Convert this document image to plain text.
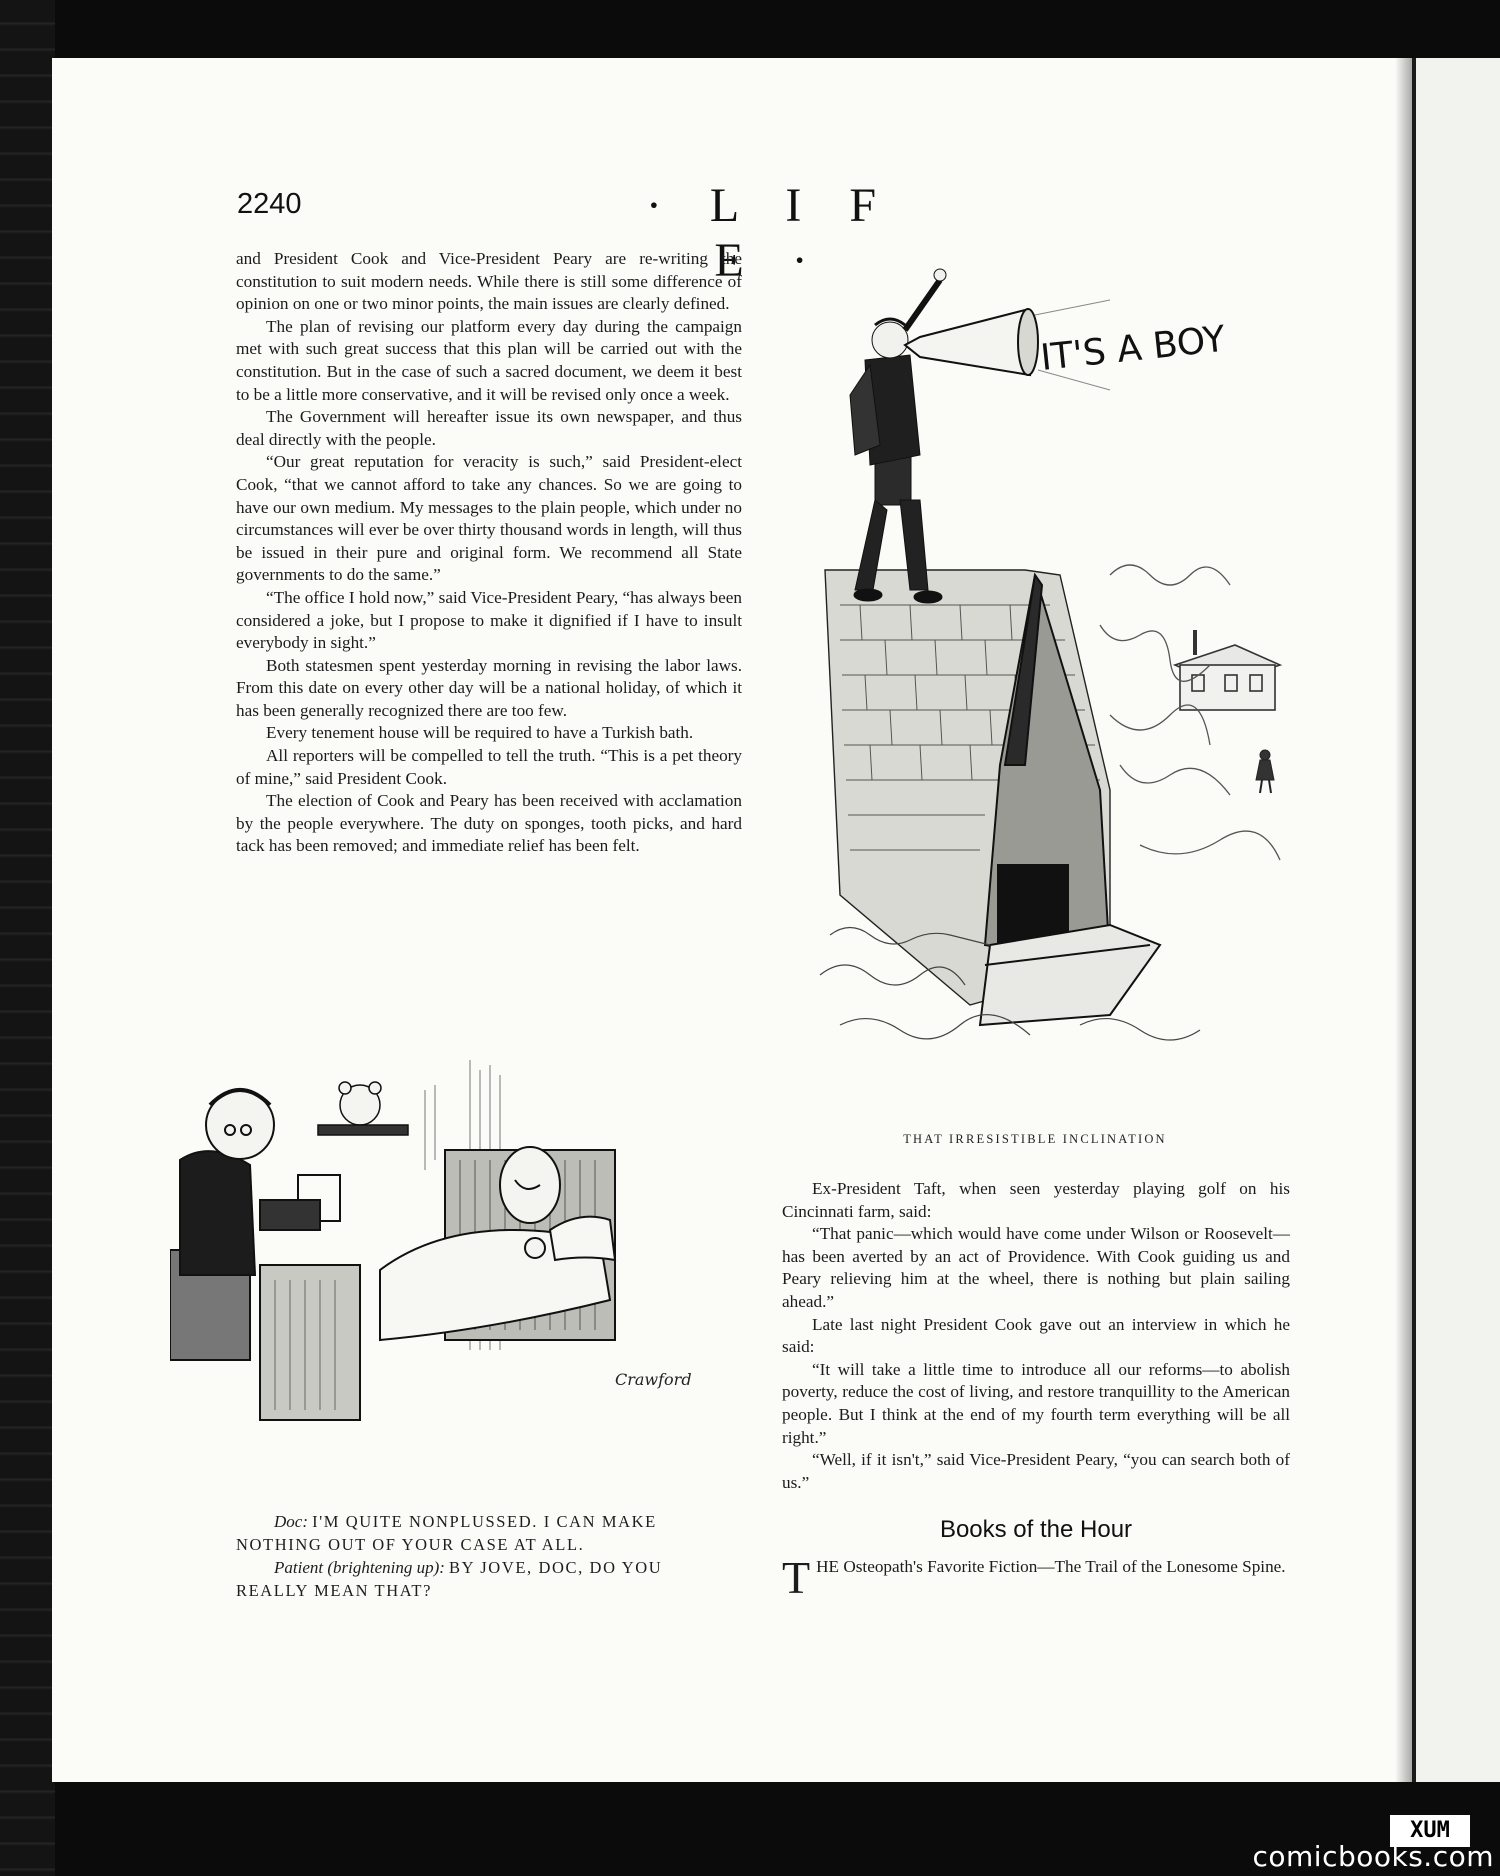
2240	· L I F E ·

and President Cook and Vice-President Peary are re-writing the constitution to suit modern needs. While there is still some difference of opinion on one or two minor points, the main issues are clearly defined.

The plan of revising our platform every day during the campaign met with such great success that this plan will be carried out with the constitution. But in the case of such a sacred document, we deem it best to be a little more conservative, and it will be revised only once a week.

The Government will hereafter issue its own newspaper, and thus deal directly with the people.

“Our great reputation for veracity is such,” said President-elect Cook, “that we cannot afford to take any chances. So we are going to have our own medium. My messages to the plain people, which under no circumstances will ever be over thirty thousand words in length, will thus be issued in their pure and original form. We recommend all State governments to do the same.”

“The office I hold now,” said Vice-President Peary, “has always been considered a joke, but I propose to make it dignified if I have to insult everybody in sight.”

Both statesmen spent yesterday morning in revising the labor laws. From this date on every other day will be a national holiday, of which it has been generally recognized there are too few.

Every tenement house will be required to have a Turkish bath.

All reporters will be compelled to tell the truth. “This is a pet theory of mine,” said President Cook.

The election of Cook and Peary has been received with acclamation by the people everywhere. The duty on sponges, tooth picks, and hard tack has been removed; and immediate relief has been felt.

IT'S A BOY
THAT IRRESISTIBLE INCLINATION
Crawford

Doc: I'M QUITE NONPLUSSED. I CAN MAKE NOTHING OUT OF YOUR CASE AT ALL.

Patient (brightening up): BY JOVE, DOC, DO YOU REALLY MEAN THAT?

Ex-President Taft, when seen yesterday playing golf on his Cincinnati farm, said:

“That panic—which would have come under Wilson or Roosevelt—has been averted by an act of Providence. With Cook guiding us and Peary relieving him at the wheel, there is nothing but plain sailing ahead.”

Late last night President Cook gave out an interview in which he said:

“It will take a little time to introduce all our reforms—to abolish poverty, reduce the cost of living, and restore tranquillity to the American people. But I think at the end of my fourth term everything will be all right.”

“Well, if it isn't,” said Vice-President Peary, “you can search both of us.”

Books of the Hour
T HE Osteopath's Favorite Fiction—The Trail of the Lonesome Spine.
XUM
comicbooks.com
